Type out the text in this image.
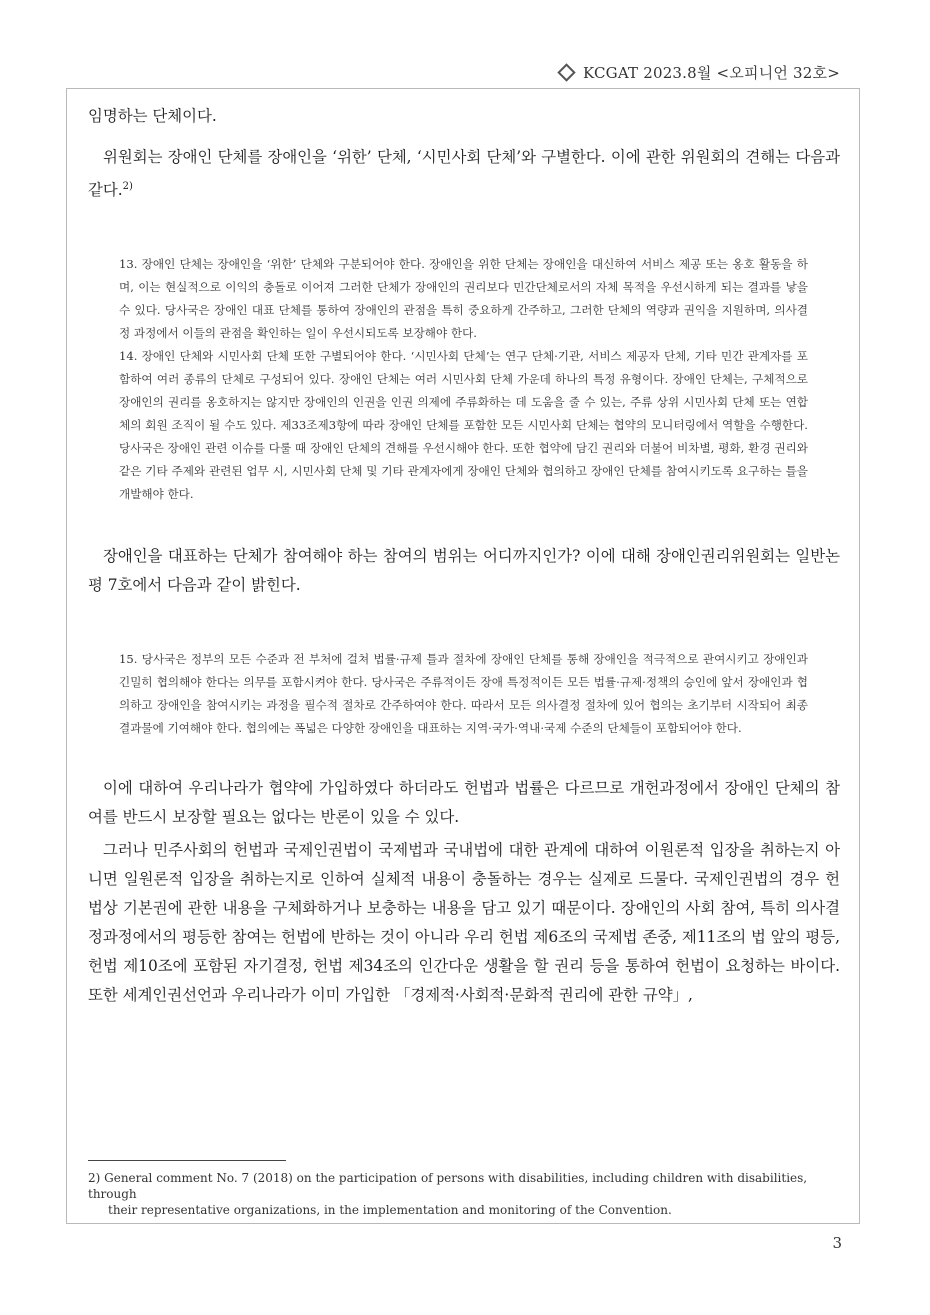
KCGAT 2023.8월 <오피니언 32호>

임명하는 단체이다.

위원회는 장애인 단체를 장애인을 ‘위한’ 단체, ‘시민사회 단체’와 구별한다. 이에 관한 위원회의 견해는 다음과 같다.$^{2)}$

13. 장애인 단체는 장애인을 ‘위한’ 단체와 구분되어야 한다. 장애인을 위한 단체는 장애인을 대신하여 서비스 제공 또는 옹호 활동을 하며, 이는 현실적으로 이익의 충돌로 이어져 그러한 단체가 장애인의 권리보다 민간단체로서의 자체 목적을 우선시하게 되는 결과를 낳을 수 있다. 당사국은 장애인 대표 단체를 통하여 장애인의 관점을 특히 중요하게 간주하고, 그러한 단체의 역량과 권익을 지원하며, 의사결정 과정에서 이들의 관점을 확인하는 일이 우선시되도록 보장해야 한다.

14. 장애인 단체와 시민사회 단체 또한 구별되어야 한다. ‘시민사회 단체’는 연구 단체·기관, 서비스 제공자 단체, 기타 민간 관계자를 포함하여 여러 종류의 단체로 구성되어 있다. 장애인 단체는 여러 시민사회 단체 가운데 하나의 특정 유형이다. 장애인 단체는, 구체적으로 장애인의 권리를 옹호하지는 않지만 장애인의 인권을 인권 의제에 주류화하는 데 도움을 줄 수 있는, 주류 상위 시민사회 단체 또는 연합체의 회원 조직이 될 수도 있다. 제33조제3항에 따라 장애인 단체를 포함한 모든 시민사회 단체는 협약의 모니터링에서 역할을 수행한다. 당사국은 장애인 관련 이슈를 다룰 때 장애인 단체의 견해를 우선시해야 한다. 또한 협약에 담긴 권리와 더불어 비차별, 평화, 환경 권리와 같은 기타 주제와 관련된 업무 시, 시민사회 단체 및 기타 관계자에게 장애인 단체와 협의하고 장애인 단체를 참여시키도록 요구하는 틀을 개발해야 한다.

장애인을 대표하는 단체가 참여해야 하는 참여의 범위는 어디까지인가? 이에 대해 장애인권리위원회는 일반논평 7호에서 다음과 같이 밝힌다.

15. 당사국은 정부의 모든 수준과 전 부처에 걸쳐 법률·규제 틀과 절차에 장애인 단체를 통해 장애인을 적극적으로 관여시키고 장애인과 긴밀히 협의해야 한다는 의무를 포함시켜야 한다. 당사국은 주류적이든 장애 특정적이든 모든 법률·규제·정책의 승인에 앞서 장애인과 협의하고 장애인을 참여시키는 과정을 필수적 절차로 간주하여야 한다. 따라서 모든 의사결정 절차에 있어 협의는 초기부터 시작되어 최종 결과물에 기여해야 한다. 협의에는 폭넓은 다양한 장애인을 대표하는 지역·국가·역내·국제 수준의 단체들이 포함되어야 한다.

이에 대하여 우리나라가 협약에 가입하였다 하더라도 헌법과 법률은 다르므로 개헌과정에서 장애인 단체의 참여를 반드시 보장할 필요는 없다는 반론이 있을 수 있다.

그러나 민주사회의 헌법과 국제인권법이 국제법과 국내법에 대한 관계에 대하여 이원론적 입장을 취하는지 아니면 일원론적 입장을 취하는지로 인하여 실체적 내용이 충돌하는 경우는 실제로 드물다. 국제인권법의 경우 헌법상 기본권에 관한 내용을 구체화하거나 보충하는 내용을 담고 있기 때문이다. 장애인의 사회 참여, 특히 의사결정과정에서의 평등한 참여는 헌법에 반하는 것이 아니라 우리 헌법 제6조의 국제법 존중, 제11조의 법 앞의 평등, 헌법 제10조에 포함된 자기결정, 헌법 제34조의 인간다운 생활을 할 권리 등을 통하여 헌법이 요청하는 바이다. 또한 세계인권선언과 우리나라가 이미 가입한 「경제적·사회적·문화적 권리에 관한 규약」,

2) General comment No. 7 (2018) on the participation of persons with disabilities, including children with disabilities, through
their representative organizations, in the implementation and monitoring of the Convention.
3
